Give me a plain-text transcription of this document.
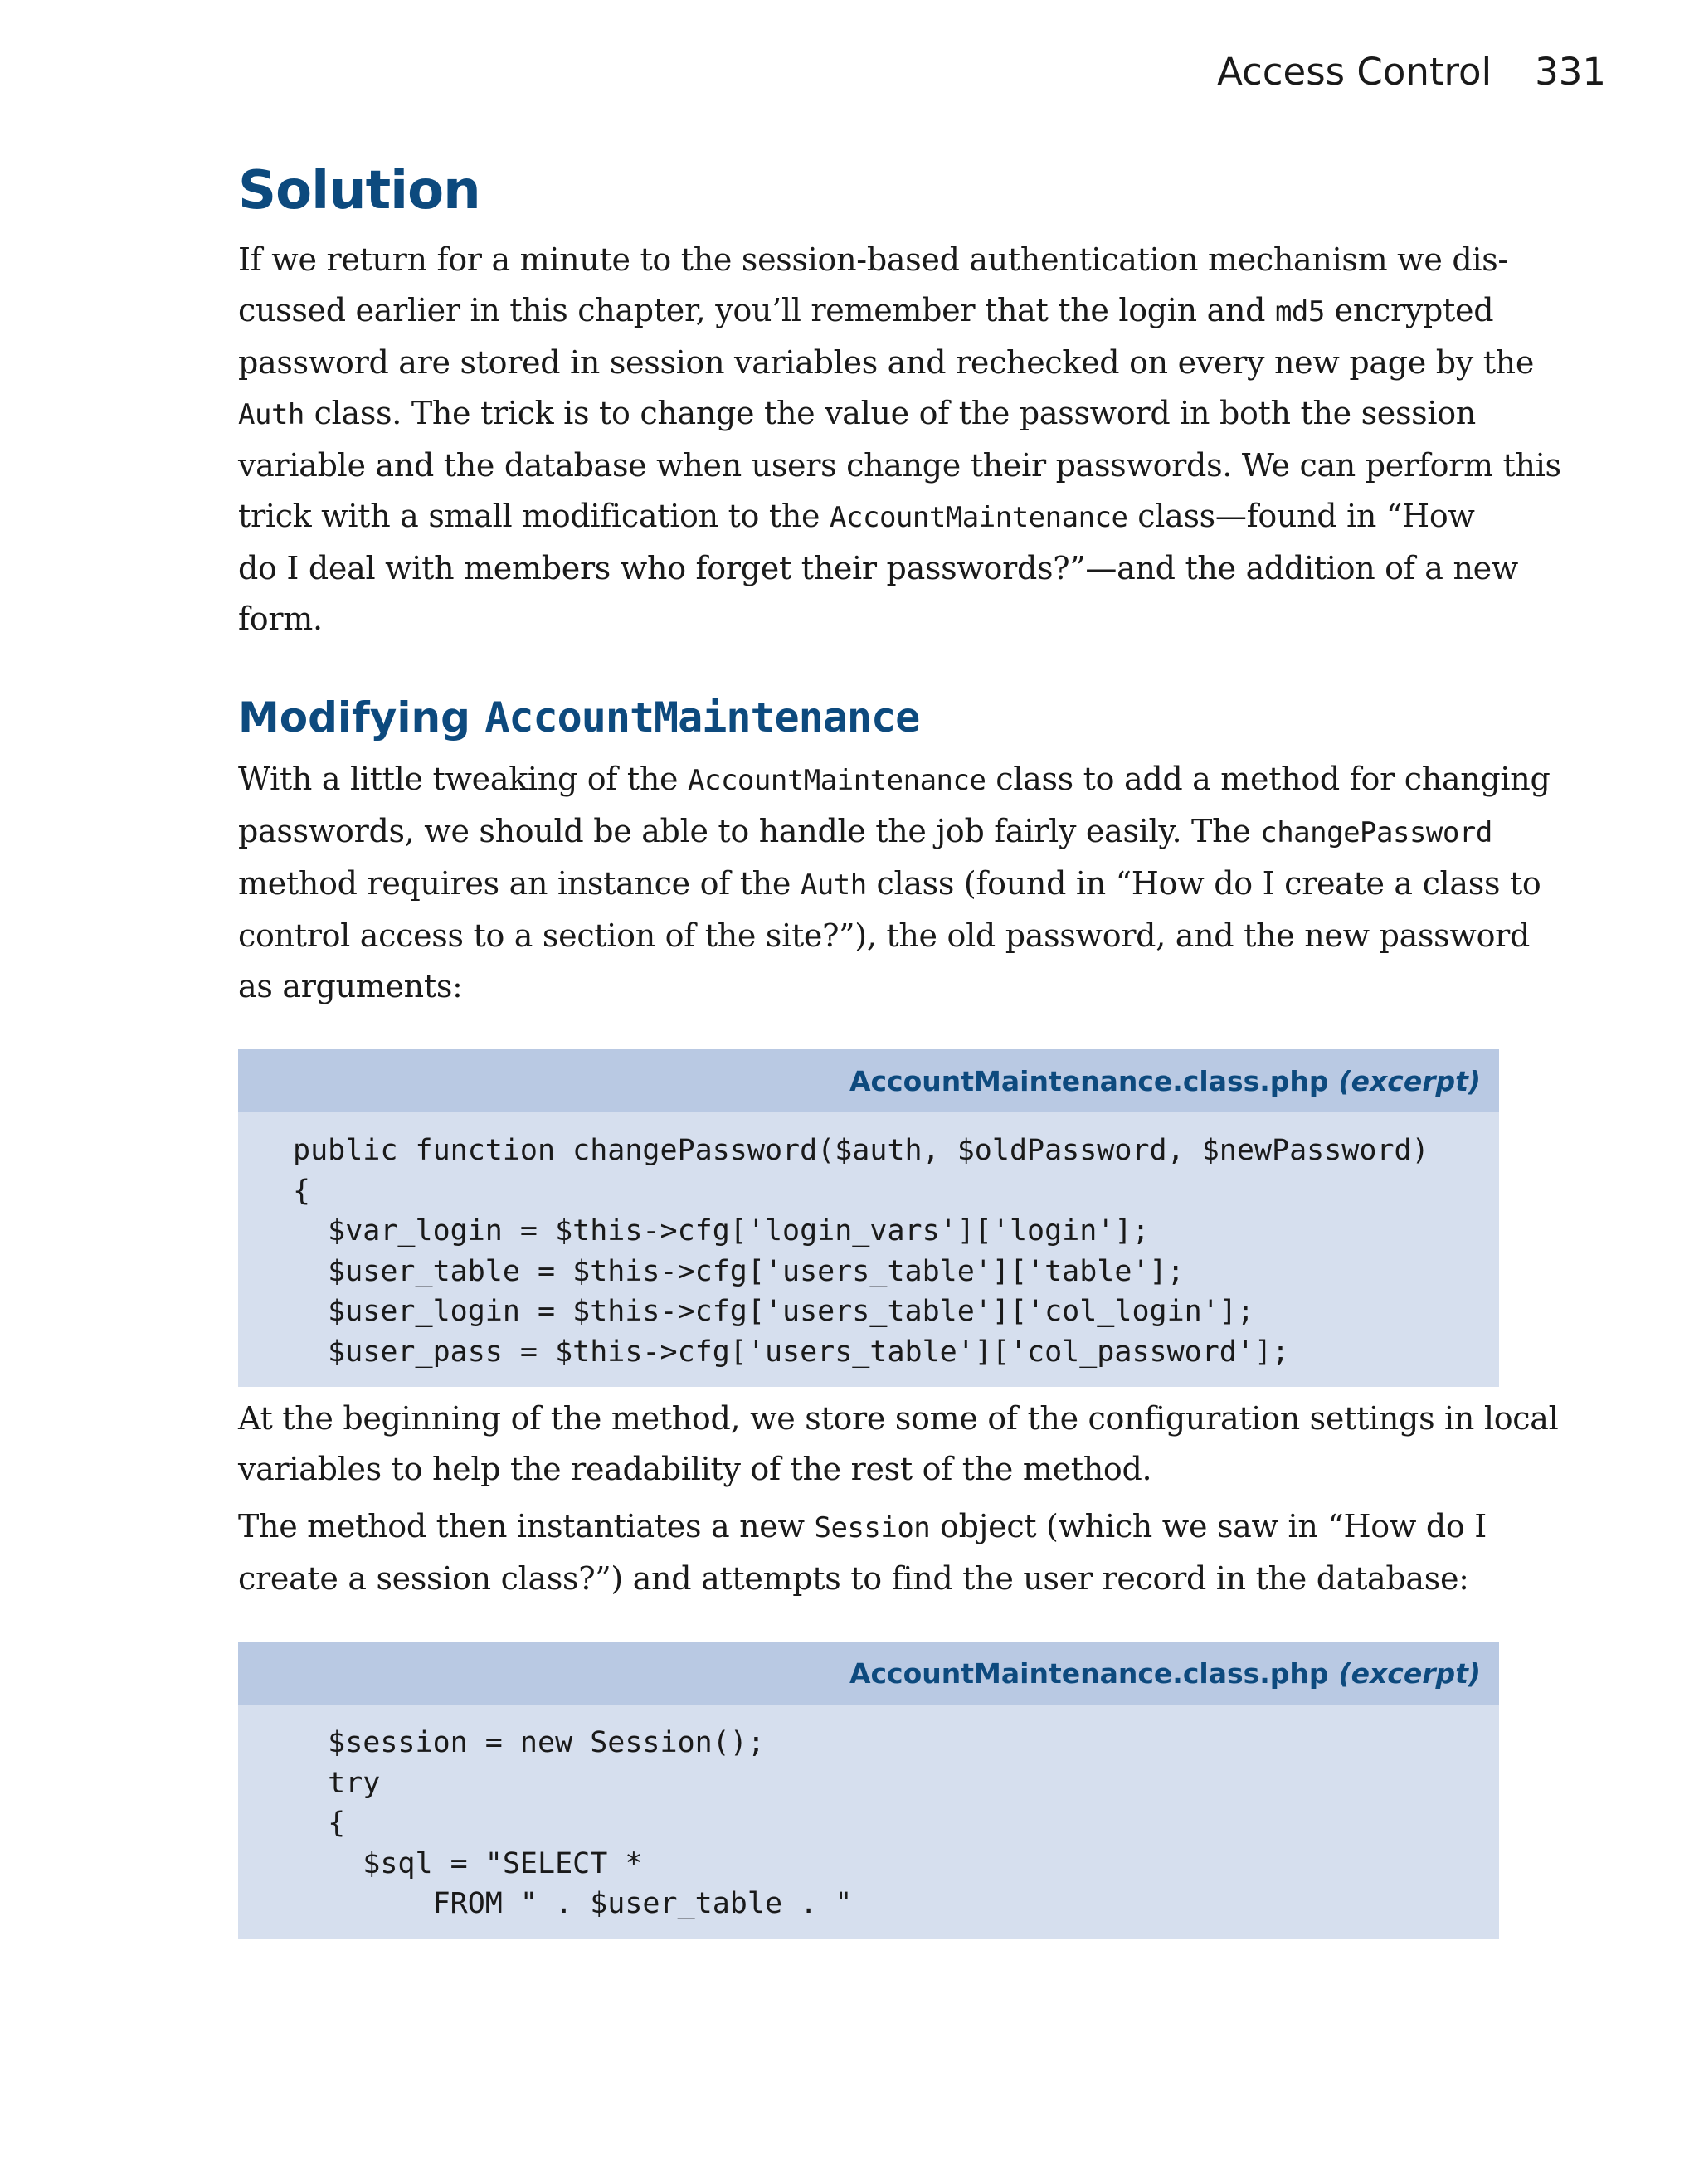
Access Control 331
Solution

If we return for a minute to the session-based authentication mechanism we dis-
cussed earlier in this chapter, you’ll remember that the login and md5 encrypted
password are stored in session variables and rechecked on every new page by the
Auth class. The trick is to change the value of the password in both the session
variable and the database when users change their passwords. We can perform this
trick with a small modification to the AccountMaintenance class—found in “How
do I deal with members who forget their passwords?”—and the addition of a new
form.

Modifying AccountMaintenance

With a little tweaking of the AccountMaintenance class to add a method for changing
passwords, we should be able to handle the job fairly easily. The changePassword
method requires an instance of the Auth class (found in “How do I create a class to
control access to a section of the site?”), the old password, and the new password
as arguments:

AccountMaintenance.class.php (excerpt)
public function changePassword($auth, $oldPassword, $newPassword)
{
$var_login = $this->cfg['login_vars']['login'];
$user_table = $this->cfg['users_table']['table'];
$user_login = $this->cfg['users_table']['col_login'];
$user_pass = $this->cfg['users_table']['col_password'];

At the beginning of the method, we store some of the configuration settings in local
variables to help the readability of the rest of the method.

The method then instantiates a new Session object (which we saw in “How do I
create a session class?”) and attempts to find the user record in the database:

AccountMaintenance.class.php (excerpt)
$session = new Session();
try
{
$sql = "SELECT *
FROM " . $user_table . "
